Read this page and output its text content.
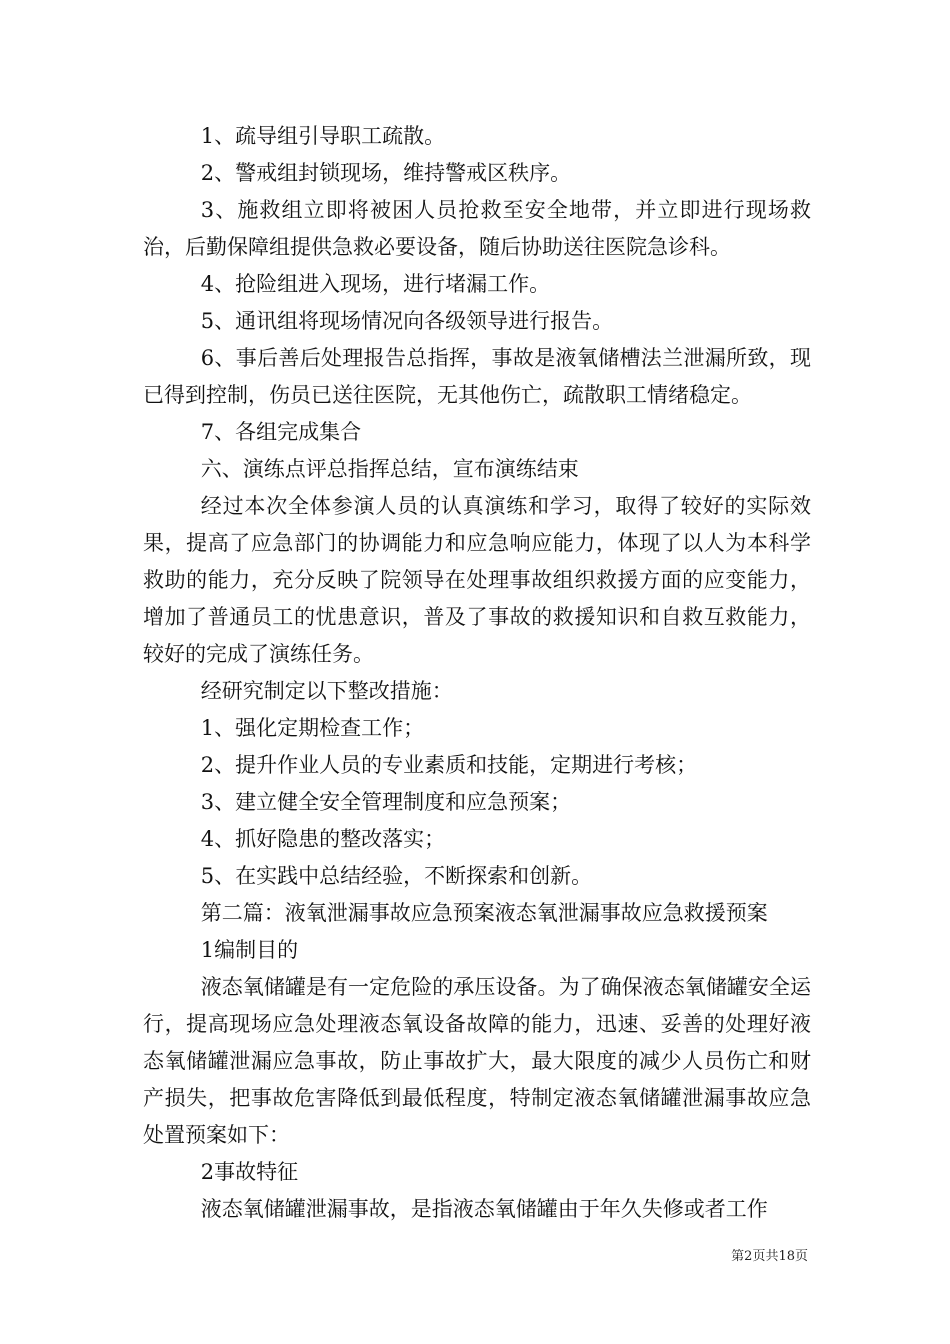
1、疏导组引导职工疏散。

2、警戒组封锁现场，维持警戒区秩序。

3、施救组立即将被困人员抢救至安全地带，并立即进行现场救治，后勤保障组提供急救必要设备，随后协助送往医院急诊科。

4、抢险组进入现场，进行堵漏工作。

5、通讯组将现场情况向各级领导进行报告。

6、事后善后处理报告总指挥，事故是液氧储槽法兰泄漏所致，现已得到控制，伤员已送往医院，无其他伤亡，疏散职工情绪稳定。

7、各组完成集合

六、演练点评总指挥总结，宣布演练结束

经过本次全体参演人员的认真演练和学习，取得了较好的实际效果，提高了应急部门的协调能力和应急响应能力，体现了以人为本科学救助的能力，充分反映了院领导在处理事故组织救援方面的应变能力，增加了普通员工的忧患意识，普及了事故的救援知识和自救互救能力，较好的完成了演练任务。

经研究制定以下整改措施：

1、强化定期检查工作；

2、提升作业人员的专业素质和技能，定期进行考核；

3、建立健全安全管理制度和应急预案；

4、抓好隐患的整改落实；

5、在实践中总结经验，不断探索和创新。

第二篇：液氧泄漏事故应急预案液态氧泄漏事故应急救援预案

1编制目的

液态氧储罐是有一定危险的承压设备。为了确保液态氧储罐安全运行，提高现场应急处理液态氧设备故障的能力，迅速、妥善的处理好液态氧储罐泄漏应急事故，防止事故扩大，最大限度的减少人员伤亡和财产损失，把事故危害降低到最低程度，特制定液态氧储罐泄漏事故应急处置预案如下：

2事故特征

液态氧储罐泄漏事故，是指液态氧储罐由于年久失修或者工作

第2页共18页
